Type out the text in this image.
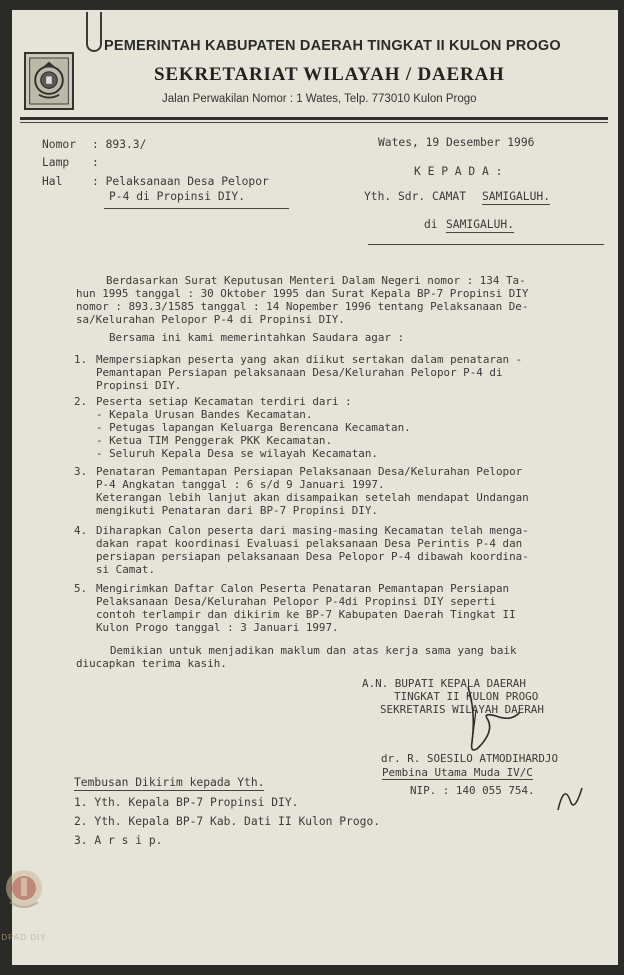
PEMERINTAH KABUPATEN DAERAH TINGKAT II KULON PROGO
SEKRETARIAT WILAYAH / DAERAH
Jalan Perwakilan Nomor : 1 Wates, Telp. 773010 Kulon Progo
Nomor : 893.3/
Lamp :
Hal	: Pelaksanaan Desa Pelopor
P-4 di Propinsi DIY.
Wates, 19 Desember 1996
K E P A D A :
Yth. Sdr. CAMAT SAMIGALUH.
di SAMIGALUH.
Berdasarkan Surat Keputusan Menteri Dalam Negeri nomor : 134 Ta-
hun 1995 tanggal : 30 Oktober 1995 dan Surat Kepala BP-7 Propinsi DIY
nomor : 893.3/1585 tanggal : 14 Nopember 1996 tentang Pelaksanaan De-
sa/Kelurahan Pelopor P-4 di Propinsi DIY.
Bersama ini kami memerintahkan Saudara agar :
1. Mempersiapkan peserta yang akan diikut sertakan dalam penataran -
Pemantapan Persiapan pelaksanaan Desa/Kelurahan Pelopor P-4 di
Propinsi DIY.
2. Peserta setiap Kecamatan terdiri dari :
- Kepala Urusan Bandes Kecamatan.
- Petugas lapangan Keluarga Berencana Kecamatan.
- Ketua TIM Penggerak PKK Kecamatan.
- Seluruh Kepala Desa se wilayah Kecamatan.
3. Penataran Pemantapan Persiapan Pelaksanaan Desa/Kelurahan Pelopor
P-4 Angkatan tanggal : 6 s/d 9 Januari 1997.
Keterangan lebih lanjut akan disampaikan setelah mendapat Undangan
mengikuti Penataran dari BP-7 Propinsi DIY.
4. Diharapkan Calon peserta dari masing-masing Kecamatan telah menga-
dakan rapat koordinasi Evaluasi pelaksanaan Desa Perintis P-4 dan
persiapan persiapan pelaksanaan Desa Pelopor P-4 dibawah koordina-
si Camat.
5. Mengirimkan Daftar Calon Peserta Penataran Pemantapan Persiapan
Pelaksanaan Desa/Kelurahan Pelopor P-4di Propinsi DIY seperti
contoh terlampir dan dikirim ke BP-7 Kabupaten Daerah Tingkat II
Kulon Progo tanggal : 3 Januari 1997.
Demikian untuk menjadikan maklum dan atas kerja sama yang baik
diucapkan terima kasih.
A.N. BUPATI KEPALA DAERAH
TINGKAT II KULON PROGO
SEKRETARIS WILAYAH DAERAH
dr. R. SOESILO ATMODIHARDJO
Pembina Utama Muda IV/C
NIP. : 140 055 754.
Tembusan Dikirim kepada Yth.
1. Yth. Kepala BP-7 Propinsi DIY.
2. Yth. Kepala BP-7 Kab. Dati II Kulon Progo.
3. A r s i p.
DPAD DIY
